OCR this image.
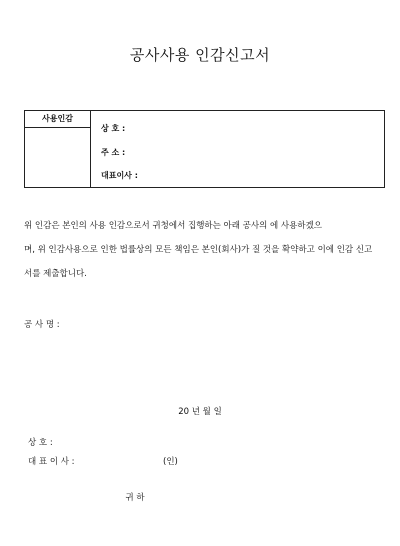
공사사용 인감신고서
사용인감
상 호 :
주 소 :
대표이사 :

위 인감은 본인의 사용 인감으로서 귀청에서 집행하는 아래 공사의 에 사용하겠으
며, 위 인감사용으로 인한 법률상의 모든 책임은 본인(회사)가 질 것을 확약하고 이에 인감 신고
서를 제출합니다.

공 사 명 :
20 년 월 일
상 호 :
대 표 이 사 :	(인)
귀 하
